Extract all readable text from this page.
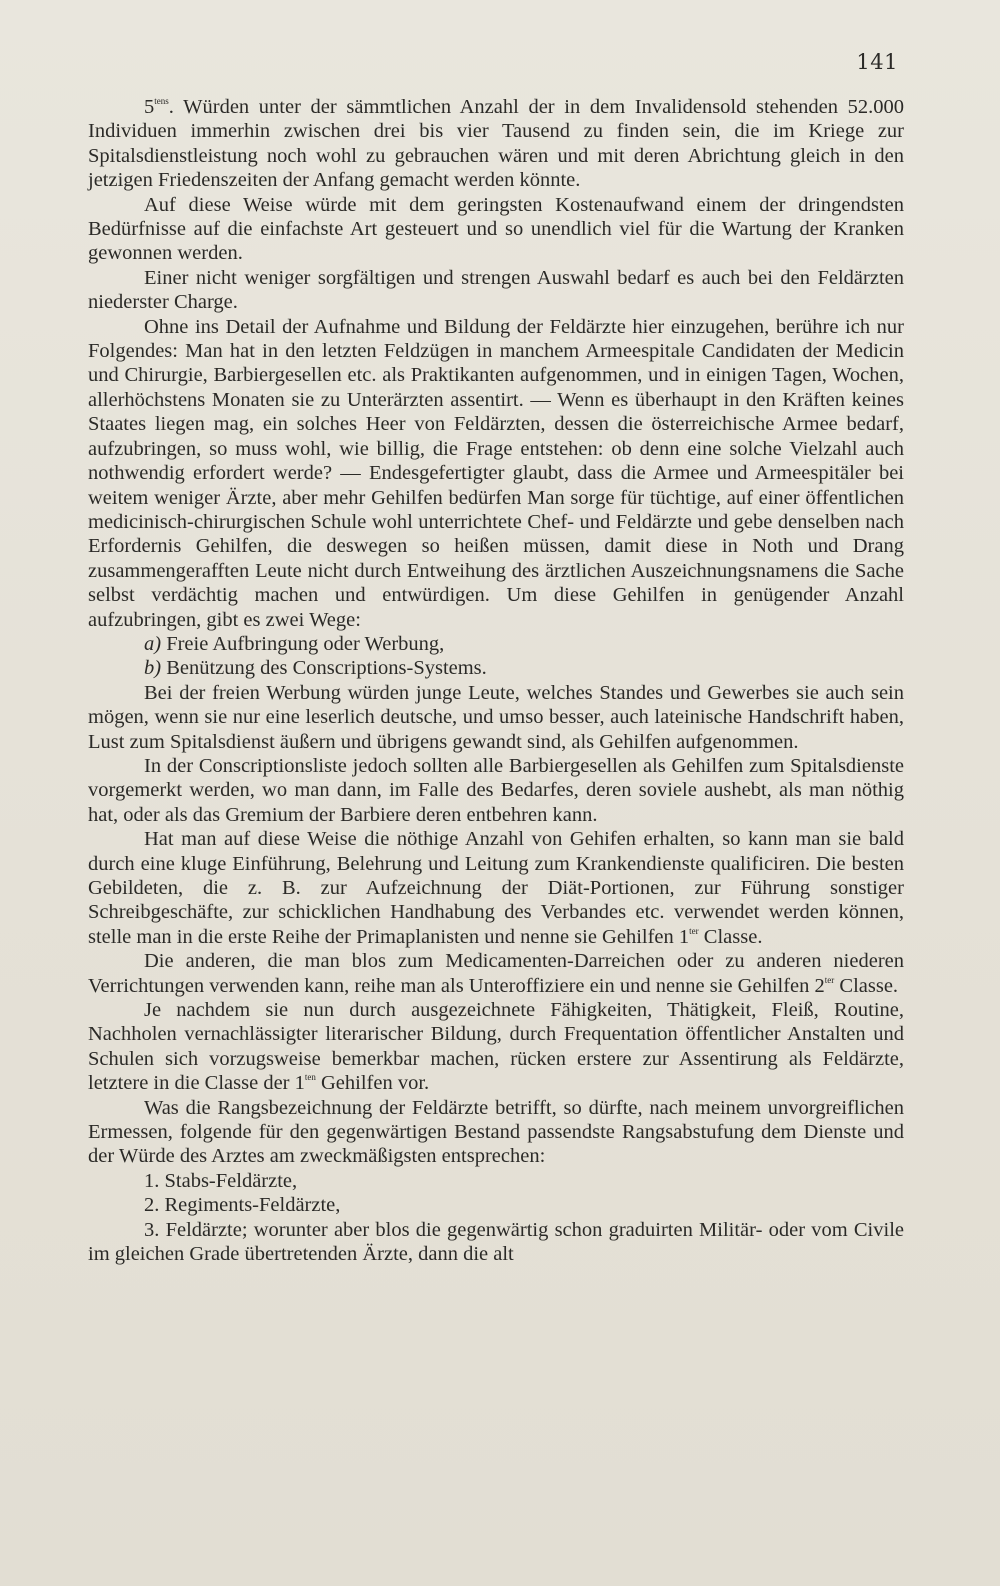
141

$5^{tens}$. Würden unter der sämmtlichen Anzahl der in dem Invalidensold stehenden 52.000 Individuen immerhin zwischen drei bis vier Tausend zu finden sein, die im Kriege zur Spitalsdienstleistung noch wohl zu gebrauchen wären und mit deren Abrichtung gleich in den jetzigen Friedenszeiten der Anfang gemacht werden könnte.

Auf diese Weise würde mit dem geringsten Kostenaufwand einem der dringendsten Bedürfnisse auf die einfachste Art gesteuert und so unendlich viel für die Wartung der Kranken gewonnen werden.

Einer nicht weniger sorgfältigen und strengen Auswahl bedarf es auch bei den Feldärzten niederster Charge.

Ohne ins Detail der Aufnahme und Bildung der Feldärzte hier einzugehen, berühre ich nur Folgendes: Man hat in den letzten Feldzügen in manchem Armeespitale Candidaten der Medicin und Chirurgie, Barbiergesellen etc. als Praktikanten aufgenommen, und in einigen Tagen, Wochen, allerhöchstens Monaten sie zu Unterärzten assentirt. — Wenn es überhaupt in den Kräften keines Staates liegen mag, ein solches Heer von Feldärzten, dessen die österreichische Armee bedarf, aufzubringen, so muss wohl, wie billig, die Frage entstehen: ob denn eine solche Vielzahl auch nothwendig erfordert werde? — Endesgefertigter glaubt, dass die Armee und Armeespitäler bei weitem weniger Ärzte, aber mehr Gehilfen bedürfen Man sorge für tüchtige, auf einer öffentlichen medicinisch-chirurgischen Schule wohl unterrichtete Chef- und Feldärzte und gebe denselben nach Erfordernis Gehilfen, die deswegen so heißen müssen, damit diese in Noth und Drang zusammengerafften Leute nicht durch Entweihung des ärztlichen Auszeichnungsnamens die Sache selbst verdächtig machen und entwürdigen. Um diese Gehilfen in genügender Anzahl aufzubringen, gibt es zwei Wege:

a) Freie Aufbringung oder Werbung,

b) Benützung des Conscriptions-Systems.

Bei der freien Werbung würden junge Leute, welches Standes und Gewerbes sie auch sein mögen, wenn sie nur eine leserlich deutsche, und umso besser, auch lateinische Handschrift haben, Lust zum Spitalsdienst äußern und übrigens gewandt sind, als Gehilfen aufgenommen.

In der Conscriptionsliste jedoch sollten alle Barbiergesellen als Gehilfen zum Spitalsdienste vorgemerkt werden, wo man dann, im Falle des Bedarfes, deren soviele aushebt, als man nöthig hat, oder als das Gremium der Barbiere deren entbehren kann.

Hat man auf diese Weise die nöthige Anzahl von Gehifen erhalten, so kann man sie bald durch eine kluge Einführung, Belehrung und Leitung zum Krankendienste qualificiren. Die besten Gebildeten, die z. B. zur Aufzeichnung der Diät-Portionen, zur Führung sonstiger Schreibgeschäfte, zur schicklichen Handhabung des Verbandes etc. verwendet werden können, stelle man in die erste Reihe der Primaplanisten und nenne sie Gehilfen $1^{ter}$ Classe.

Die anderen, die man blos zum Medicamenten-Darreichen oder zu anderen niederen Verrichtungen verwenden kann, reihe man als Unteroffiziere ein und nenne sie Gehilfen $2^{ter}$ Classe.

Je nachdem sie nun durch ausgezeichnete Fähigkeiten, Thätigkeit, Fleiß, Routine, Nachholen vernachlässigter literarischer Bildung, durch Frequentation öffentlicher Anstalten und Schulen sich vorzugsweise bemerkbar machen, rücken erstere zur Assentirung als Feldärzte, letztere in die Classe der $1^{ten}$ Gehilfen vor.

Was die Rangsbezeichnung der Feldärzte betrifft, so dürfte, nach meinem unvorgreiflichen Ermessen, folgende für den gegenwärtigen Bestand passendste Rangsabstufung dem Dienste und der Würde des Arztes am zweckmäßigsten entsprechen:

1. Stabs-Feldärzte,

2. Regiments-Feldärzte,

3. Feldärzte; worunter aber blos die gegenwärtig schon graduirten Militär- oder vom Civile im gleichen Grade übertretenden Ärzte, dann die alt
